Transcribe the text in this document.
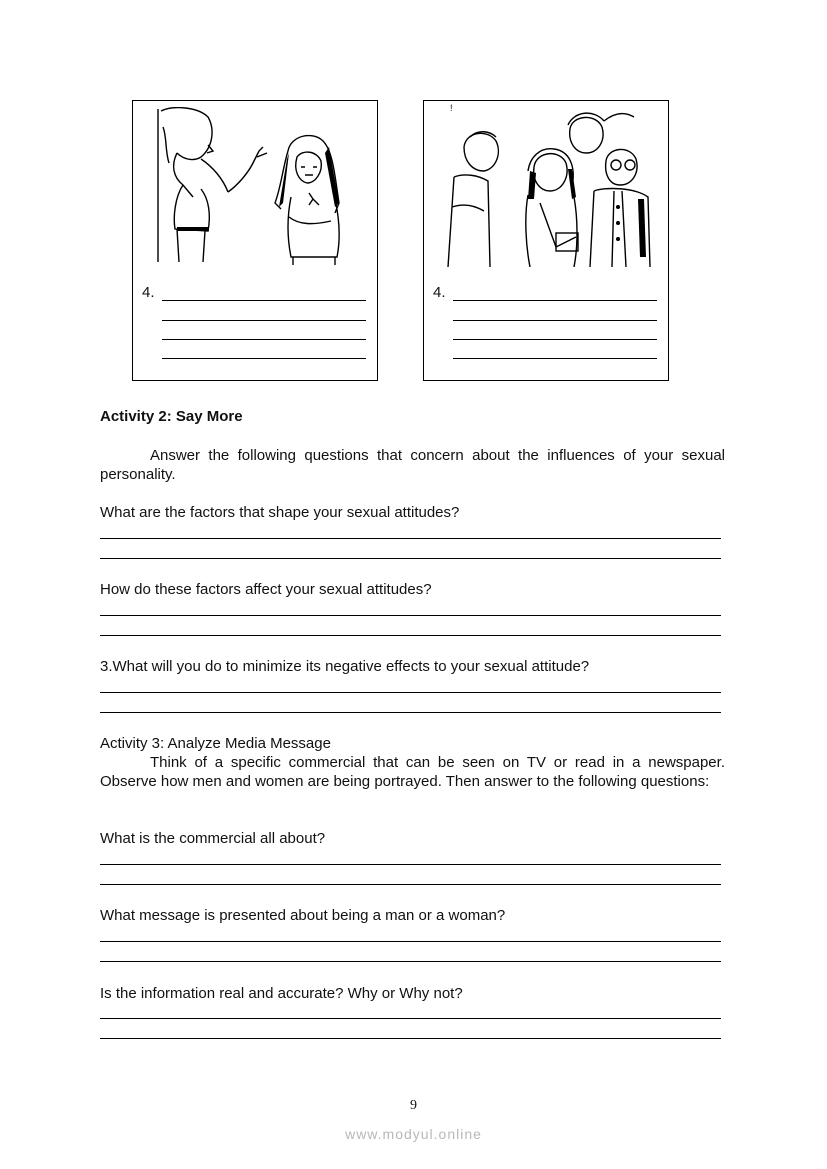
4.
!
4.
Activity 2: Say More
Answer the following questions that concern about the influences of your sexual personality.
What are the factors that shape your sexual attitudes?
How do these factors affect your sexual attitudes?
3.What will you do to minimize its negative effects to your sexual attitude?
Activity 3: Analyze Media Message
Think of a specific commercial that can be seen on TV or read in a newspaper. Observe how men and women are being portrayed. Then answer to the following questions:
What is the commercial all about?
What message is presented about being a man or a woman?
Is the information real and accurate? Why or Why not?
9
www.modyul.online
